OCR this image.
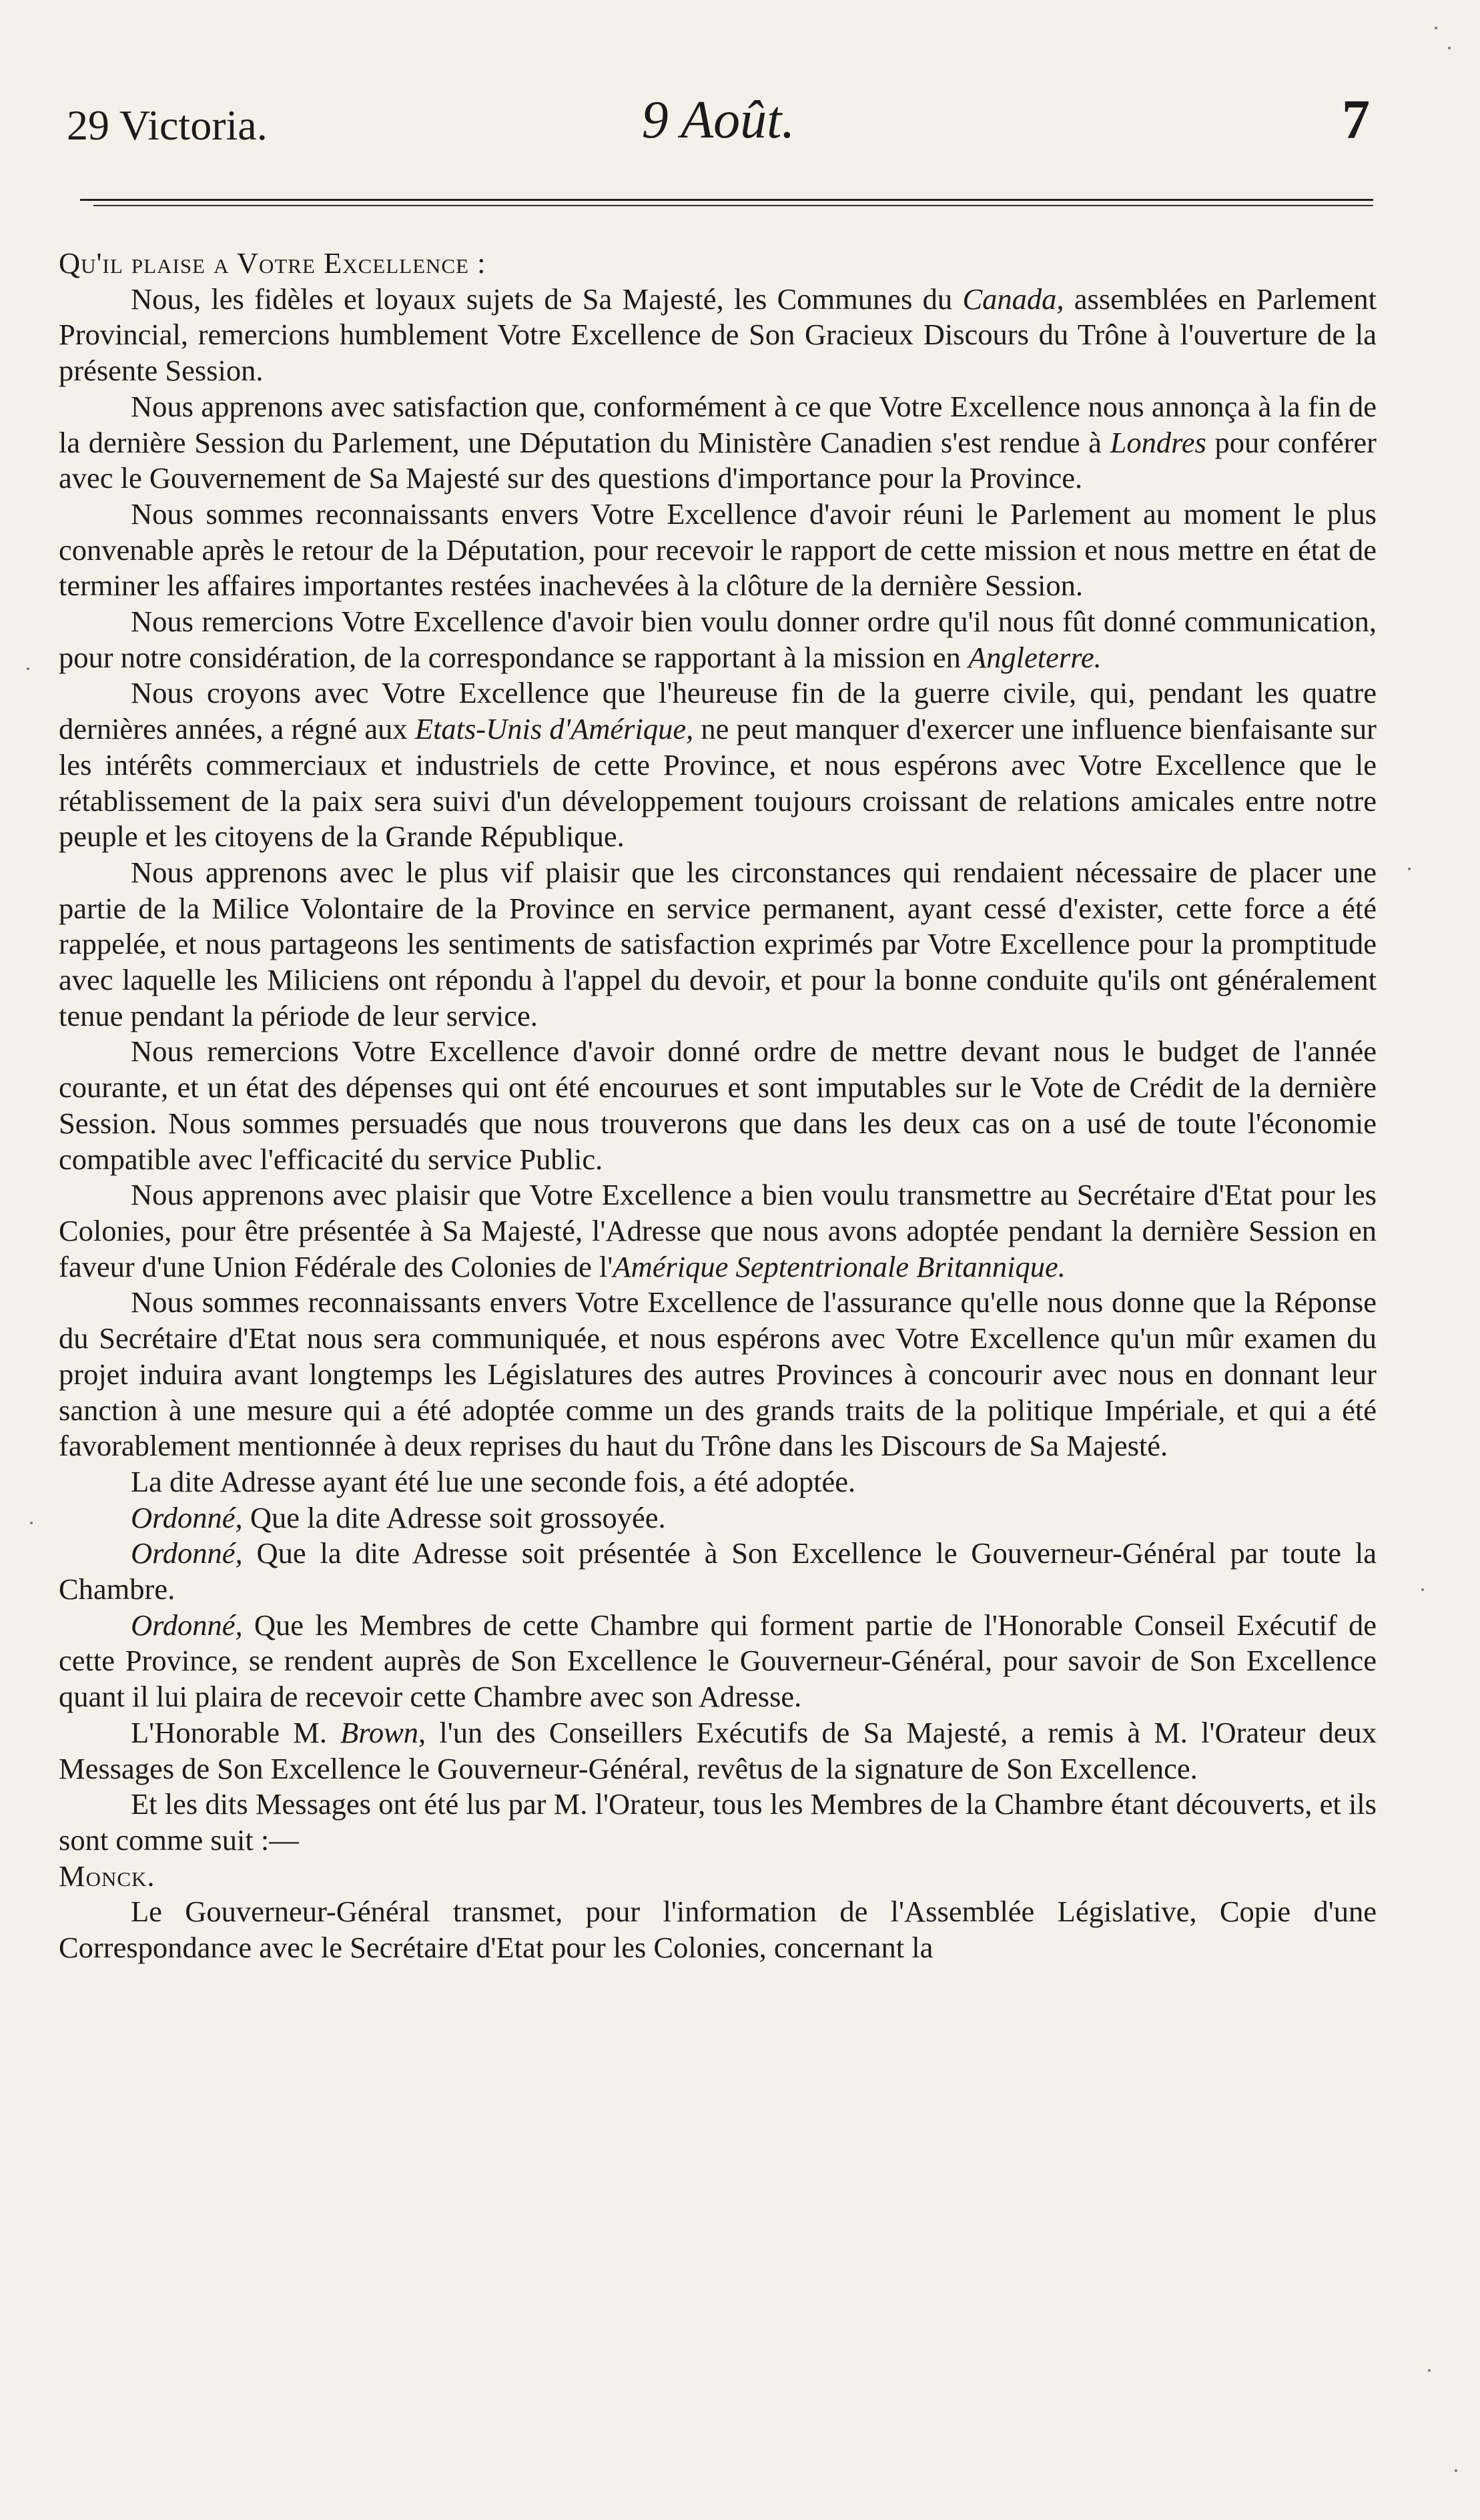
29 Victoria.	9 Août.	7

Qu'il plaise a Votre Excellence :

Nous, les fidèles et loyaux sujets de Sa Majesté, les Communes du Canada, assemblées en Parlement Provincial, remercions humblement Votre Excellence de Son Gracieux Discours du Trône à l'ouverture de la présente Session.

Nous apprenons avec satisfaction que, conformément à ce que Votre Excellence nous annonça à la fin de la dernière Session du Parlement, une Députation du Ministère Canadien s'est rendue à Londres pour conférer avec le Gouvernement de Sa Majesté sur des questions d'importance pour la Province.

Nous sommes reconnaissants envers Votre Excellence d'avoir réuni le Parlement au moment le plus convenable après le retour de la Députation, pour recevoir le rapport de cette mission et nous mettre en état de terminer les affaires importantes restées inachevées à la clôture de la dernière Session.

Nous remercions Votre Excellence d'avoir bien voulu donner ordre qu'il nous fût donné communication, pour notre considération, de la correspondance se rapportant à la mission en Angleterre.

Nous croyons avec Votre Excellence que l'heureuse fin de la guerre civile, qui, pendant les quatre dernières années, a régné aux Etats-Unis d'Amérique, ne peut manquer d'exercer une influence bienfaisante sur les intérêts commerciaux et industriels de cette Province, et nous espérons avec Votre Excellence que le rétablissement de la paix sera suivi d'un développement toujours croissant de relations amicales entre notre peuple et les citoyens de la Grande République.

Nous apprenons avec le plus vif plaisir que les circonstances qui rendaient nécessaire de placer une partie de la Milice Volontaire de la Province en service permanent, ayant cessé d'exister, cette force a été rappelée, et nous partageons les sentiments de satisfaction exprimés par Votre Excellence pour la promptitude avec laquelle les Miliciens ont répondu à l'appel du devoir, et pour la bonne conduite qu'ils ont généralement tenue pendant la période de leur service.

Nous remercions Votre Excellence d'avoir donné ordre de mettre devant nous le budget de l'année courante, et un état des dépenses qui ont été encourues et sont imputables sur le Vote de Crédit de la dernière Session. Nous sommes persuadés que nous trouverons que dans les deux cas on a usé de toute l'économie compatible avec l'efficacité du service Public.

Nous apprenons avec plaisir que Votre Excellence a bien voulu transmettre au Secrétaire d'Etat pour les Colonies, pour être présentée à Sa Majesté, l'Adresse que nous avons adoptée pendant la dernière Session en faveur d'une Union Fédérale des Colonies de l'Amérique Septentrionale Britannique.

Nous sommes reconnaissants envers Votre Excellence de l'assurance qu'elle nous donne que la Réponse du Secrétaire d'Etat nous sera communiquée, et nous espérons avec Votre Excellence qu'un mûr examen du projet induira avant longtemps les Législatures des autres Provinces à concourir avec nous en donnant leur sanction à une mesure qui a été adoptée comme un des grands traits de la politique Impériale, et qui a été favorablement mentionnée à deux reprises du haut du Trône dans les Discours de Sa Majesté.

La dite Adresse ayant été lue une seconde fois, a été adoptée.

Ordonné, Que la dite Adresse soit grossoyée.

Ordonné, Que la dite Adresse soit présentée à Son Excellence le Gouverneur-Général par toute la Chambre.

Ordonné, Que les Membres de cette Chambre qui forment partie de l'Honorable Conseil Exécutif de cette Province, se rendent auprès de Son Excellence le Gouverneur-Général, pour savoir de Son Excellence quant il lui plaira de recevoir cette Chambre avec son Adresse.

L'Honorable M. Brown, l'un des Conseillers Exécutifs de Sa Majesté, a remis à M. l'Orateur deux Messages de Son Excellence le Gouverneur-Général, revêtus de la signature de Son Excellence.

Et les dits Messages ont été lus par M. l'Orateur, tous les Membres de la Chambre étant découverts, et ils sont comme suit :—

Monck.

Le Gouverneur-Général transmet, pour l'information de l'Assemblée Législative, Copie d'une Correspondance avec le Secrétaire d'Etat pour les Colonies, concernant la
